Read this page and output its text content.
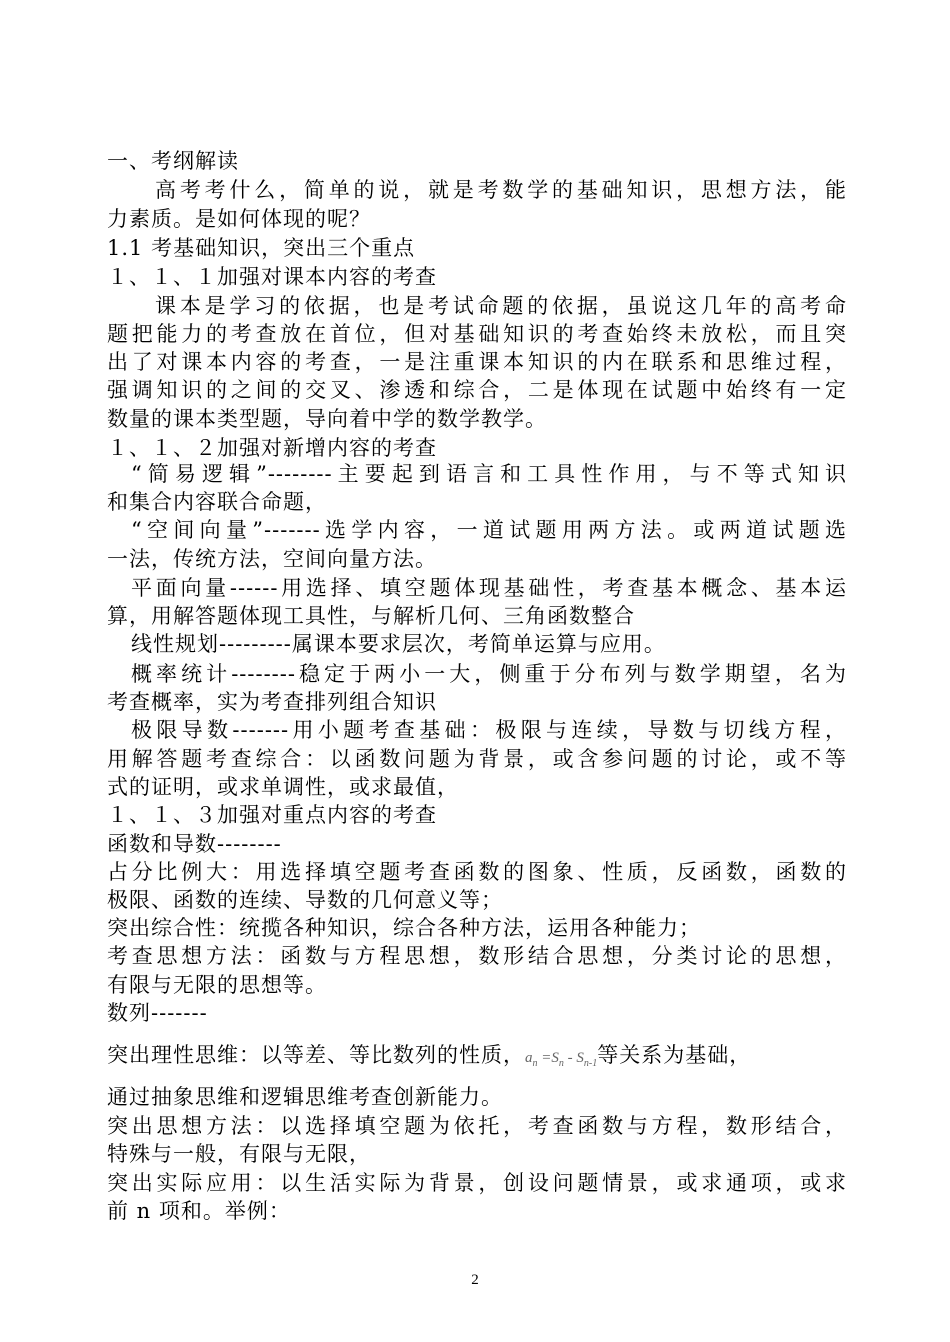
一、考纲解读
高考考什么，简单的说，就是考数学的基础知识，思想方法，能
力素质。是如何体现的呢？
1.1 考基础知识，突出三个重点
１、１、１加强对课本内容的考查
课本是学习的依据，也是考试命题的依据，虽说这几年的高考命
题把能力的考查放在首位，但对基础知识的考查始终未放松，而且突
出了对课本内容的考查，一是注重课本知识的内在联系和思维过程，
强调知识的之间的交叉、渗透和综合，二是体现在试题中始终有一定
数量的课本类型题，导向着中学的数学教学。
１、１、２加强对新增内容的考查
“简易逻辑”--------主要起到语言和工具性作用，与不等式知识
和集合内容联合命题，
“空间向量”-------选学内容，一道试题用两方法。或两道试题选
一法，传统方法，空间向量方法。
平面向量------用选择、填空题体现基础性，考查基本概念、基本运
算，用解答题体现工具性，与解析几何、三角函数整合
线性规划---------属课本要求层次，考简单运算与应用。
概率统计--------稳定于两小一大，侧重于分布列与数学期望，名为
考查概率，实为考查排列组合知识
极限导数-------用小题考查基础：极限与连续，导数与切线方程，
用解答题考查综合：以函数问题为背景，或含参问题的讨论，或不等
式的证明，或求单调性，或求最值，
１、１、３加强对重点内容的考查
函数和导数--------
占分比例大：用选择填空题考查函数的图象、性质，反函数，函数的
极限、函数的连续、导数的几何意义等；
突出综合性：统揽各种知识，综合各种方法，运用各种能力；
考查思想方法：函数与方程思想，数形结合思想，分类讨论的思想，
有限与无限的思想等。
数列-------
突出理性思维：以等差、等比数列的性质，$a_n =S_n - S_{n-1}$等关系为基础，
通过抽象思维和逻辑思维考查创新能力。
突出思想方法：以选择填空题为依托，考查函数与方程，数形结合，
特殊与一般，有限与无限，
突出实际应用：以生活实际为背景，创设问题情景，或求通项，或求
前 n 项和。举例：
2
